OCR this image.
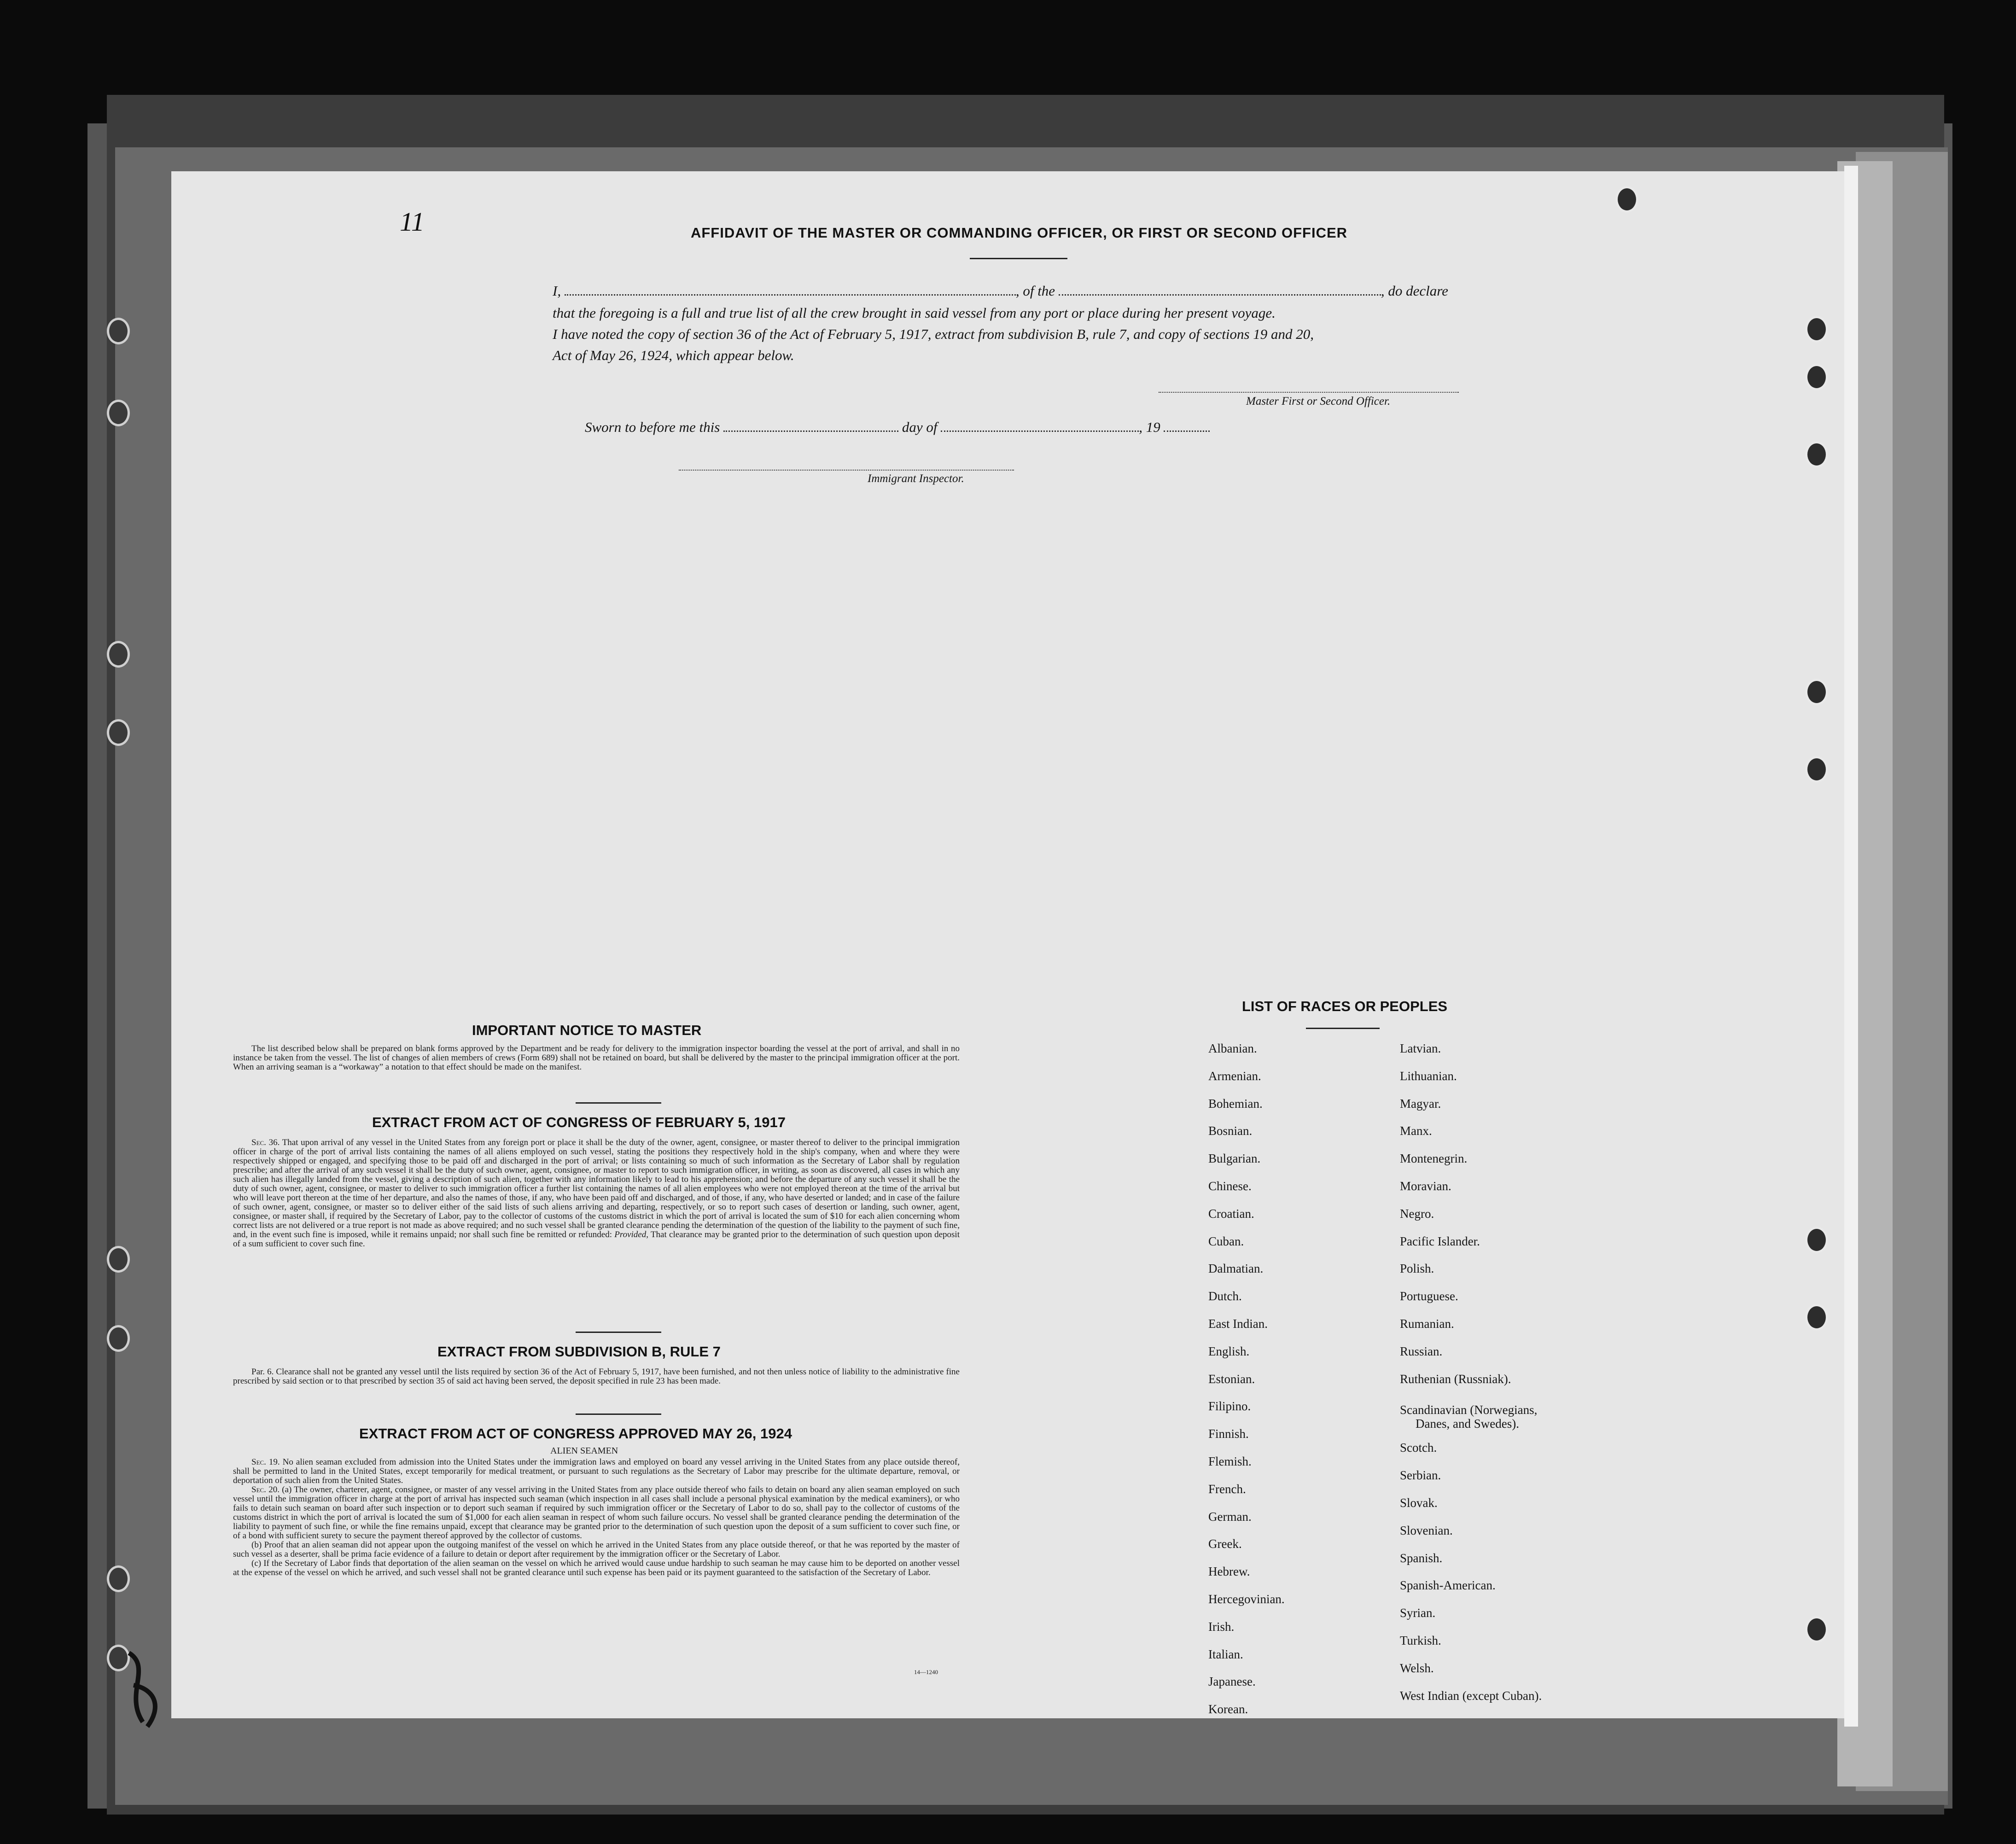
11	AFFIDAVIT OF THE MASTER OR COMMANDING OFFICER, OR FIRST OR SECOND OFFICER
I,	, of the	, do declare
that the foregoing is a full and true list of all the crew brought in said vessel from any port or place during her present voyage.
I have noted the copy of section 36 of the Act of February 5, 1917, extract from subdivision B, rule 7, and copy of sections 19 and 20,
Act of May 26, 1924, which appear below.
Master First or Second Officer.
Sworn to before me this	day of	, 19
Immigrant Inspector.
IMPORTANT NOTICE TO MASTER

The list described below shall be prepared on blank forms approved by the Department and be ready for delivery to the immigration inspector boarding the vessel at the port of arrival, and shall in no instance be taken from the vessel. The list of changes of alien members of crews (Form 689) shall not be retained on board, but shall be delivered by the master to the principal immigration officer at the port. When an arriving seaman is a “workaway” a notation to that effect should be made on the manifest.

EXTRACT FROM ACT OF CONGRESS OF FEBRUARY 5, 1917

Sec. 36. That upon arrival of any vessel in the United States from any foreign port or place it shall be the duty of the owner, agent, consignee, or master thereof to deliver to the principal immigration officer in charge of the port of arrival lists containing the names of all aliens employed on such vessel, stating the positions they respectively hold in the ship's company, when and where they were respectively shipped or engaged, and specifying those to be paid off and discharged in the port of arrival; or lists containing so much of such information as the Secretary of Labor shall by regulation prescribe; and after the arrival of any such vessel it shall be the duty of such owner, agent, consignee, or master to report to such immigration officer, in writing, as soon as discovered, all cases in which any such alien has illegally landed from the vessel, giving a description of such alien, together with any information likely to lead to his apprehension; and before the departure of any such vessel it shall be the duty of such owner, agent, consignee, or master to deliver to such immigration officer a further list containing the names of all alien employees who were not employed thereon at the time of the arrival but who will leave port thereon at the time of her departure, and also the names of those, if any, who have been paid off and discharged, and of those, if any, who have deserted or landed; and in case of the failure of such owner, agent, consignee, or master so to deliver either of the said lists of such aliens arriving and departing, respectively, or so to report such cases of desertion or landing, such owner, agent, consignee, or master shall, if required by the Secretary of Labor, pay to the collector of customs of the customs district in which the port of arrival is located the sum of $10 for each alien concerning whom correct lists are not delivered or a true report is not made as above required; and no such vessel shall be granted clearance pending the determination of the question of the liability to the payment of such fine, and, in the event such fine is imposed, while it remains unpaid; nor shall such fine be remitted or refunded: Provided, That clearance may be granted prior to the determination of such question upon deposit of a sum sufficient to cover such fine.

EXTRACT FROM SUBDIVISION B, RULE 7

Par. 6. Clearance shall not be granted any vessel until the lists required by section 36 of the Act of February 5, 1917, have been furnished, and not then unless notice of liability to the administrative fine prescribed by said section or to that prescribed by section 35 of said act having been served, the deposit specified in rule 23 has been made.

EXTRACT FROM ACT OF CONGRESS APPROVED MAY 26, 1924
ALIEN SEAMEN

Sec. 19. No alien seaman excluded from admission into the United States under the immigration laws and employed on board any vessel arriving in the United States from any place outside thereof, shall be permitted to land in the United States, except temporarily for medical treatment, or pursuant to such regulations as the Secretary of Labor may prescribe for the ultimate departure, removal, or deportation of such alien from the United States.

Sec. 20. (a) The owner, charterer, agent, consignee, or master of any vessel arriving in the United States from any place outside thereof who fails to detain on board any alien seaman employed on such vessel until the immigration officer in charge at the port of arrival has inspected such seaman (which inspection in all cases shall include a personal physical examination by the medical examiners), or who fails to detain such seaman on board after such inspection or to deport such seaman if required by such immigration officer or the Secretary of Labor to do so, shall pay to the collector of customs of the customs district in which the port of arrival is located the sum of $1,000 for each alien seaman in respect of whom such failure occurs. No vessel shall be granted clearance pending the determination of the liability to payment of such fine, or while the fine remains unpaid, except that clearance may be granted prior to the determination of such question upon the deposit of a sum sufficient to cover such fine, or of a bond with sufficient surety to secure the payment thereof approved by the collector of customs.

(b) Proof that an alien seaman did not appear upon the outgoing manifest of the vessel on which he arrived in the United States from any place outside thereof, or that he was reported by the master of such vessel as a deserter, shall be prima facie evidence of a failure to detain or deport after requirement by the immigration officer or the Secretary of Labor.

(c) If the Secretary of Labor finds that deportation of the alien seaman on the vessel on which he arrived would cause undue hardship to such seaman he may cause him to be deported on another vessel at the expense of the vessel on which he arrived, and such vessel shall not be granted clearance until such expense has been paid or its payment guaranteed to the satisfaction of the Secretary of Labor.

14—1240
LIST OF RACES OR PEOPLES
Albanian.
Armenian.
Bohemian.
Bosnian.
Bulgarian.
Chinese.
Croatian.
Cuban.
Dalmatian.
Dutch.
East Indian.
English.
Estonian.
Filipino.
Finnish.
Flemish.
French.
German.
Greek.
Hebrew.
Hercegovinian.
Irish.
Italian.
Japanese.
Korean.
Latvian.
Lithuanian.
Magyar.
Manx.
Montenegrin.
Moravian.
Negro.
Pacific Islander.
Polish.
Portuguese.
Rumanian.
Russian.
Ruthenian (Russniak).
Scandinavian (Norwegians,
Danes, and Swedes).
Scotch.
Serbian.
Slovak.
Slovenian.
Spanish.
Spanish-American.
Syrian.
Turkish.
Welsh.
West Indian (except Cuban).
